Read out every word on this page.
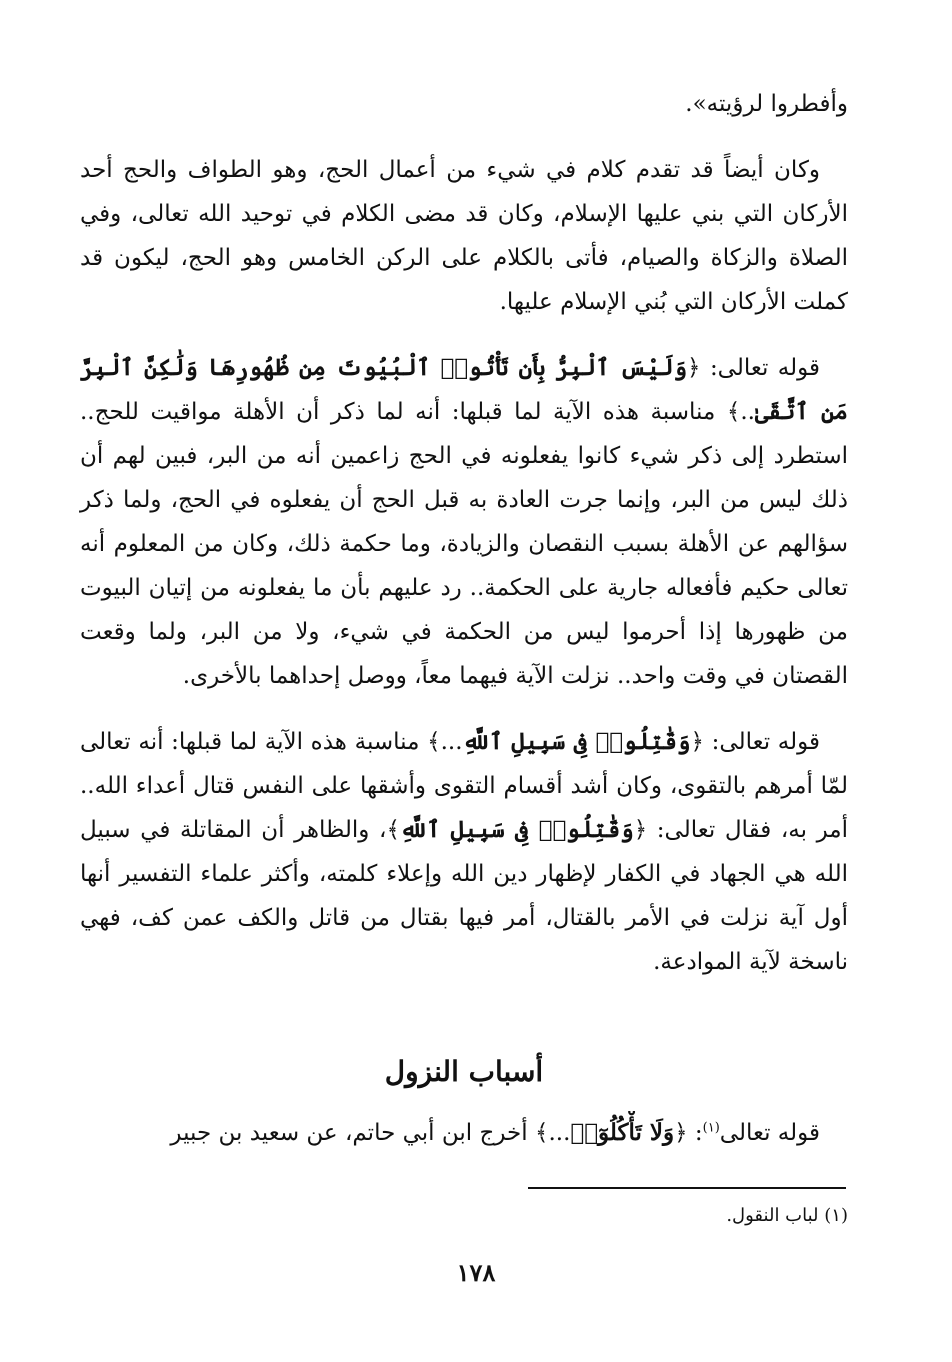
وأفطروا لرؤيته».

وكان أيضاً قد تقدم كلام في شيء من أعمال الحج، وهو الطواف والحج أحد الأركان التي بني عليها الإسلام، وكان قد مضى الكلام في توحيد الله تعالى، وفي الصلاة والزكاة والصيام، فأتى بالكلام على الركن الخامس وهو الحج، ليكون قد كملت الأركان التي بُني الإسلام عليها.

قوله تعالى: ﴿وَلَيْسَ ٱلْبِرُّ بِأَن تَأْتُوا۟ ٱلْبُيُوتَ مِن ظُهُورِهَا وَلَٰكِنَّ ٱلْبِرَّ مَنِ ٱتَّقَىٰ..﴾ مناسبة هذه الآية لما قبلها: أنه لما ذكر أن الأهلة مواقيت للحج.. استطرد إلى ذكر شيء كانوا يفعلونه في الحج زاعمين أنه من البر، فبين لهم أن ذلك ليس من البر، وإنما جرت العادة به قبل الحج أن يفعلوه في الحج، ولما ذكر سؤالهم عن الأهلة بسبب النقصان والزيادة، وما حكمة ذلك، وكان من المعلوم أنه تعالى حكيم فأفعاله جارية على الحكمة.. رد عليهم بأن ما يفعلونه من إتيان البيوت من ظهورها إذا أحرموا ليس من الحكمة في شيء، ولا من البر، ولما وقعت القصتان في وقت واحد.. نزلت الآية فيهما معاً، ووصل إحداهما بالأخرى.

قوله تعالى: ﴿وَقَٰتِلُوا۟ فِى سَبِيلِ ٱللَّهِ...﴾ مناسبة هذه الآية لما قبلها: أنه تعالى لمّا أمرهم بالتقوى، وكان أشد أقسام التقوى وأشقها على النفس قتال أعداء الله.. أمر به، فقال تعالى: ﴿وَقَٰتِلُوا۟ فِى سَبِيلِ ٱللَّهِ﴾، والظاهر أن المقاتلة في سبيل الله هي الجهاد في الكفار لإظهار دين الله وإعلاء كلمته، وأكثر علماء التفسير أنها أول آية نزلت في الأمر بالقتال، أمر فيها بقتال من قاتل والكف عمن كف، فهي ناسخة لآية الموادعة.

أسباب النزول
قوله تعالى$^{(١)}$: ﴿وَلَا تَأْكُلُوٓا۟...﴾ أخرج ابن أبي حاتم، عن سعيد بن جبير
(١) لباب النقول.
١٧٨
